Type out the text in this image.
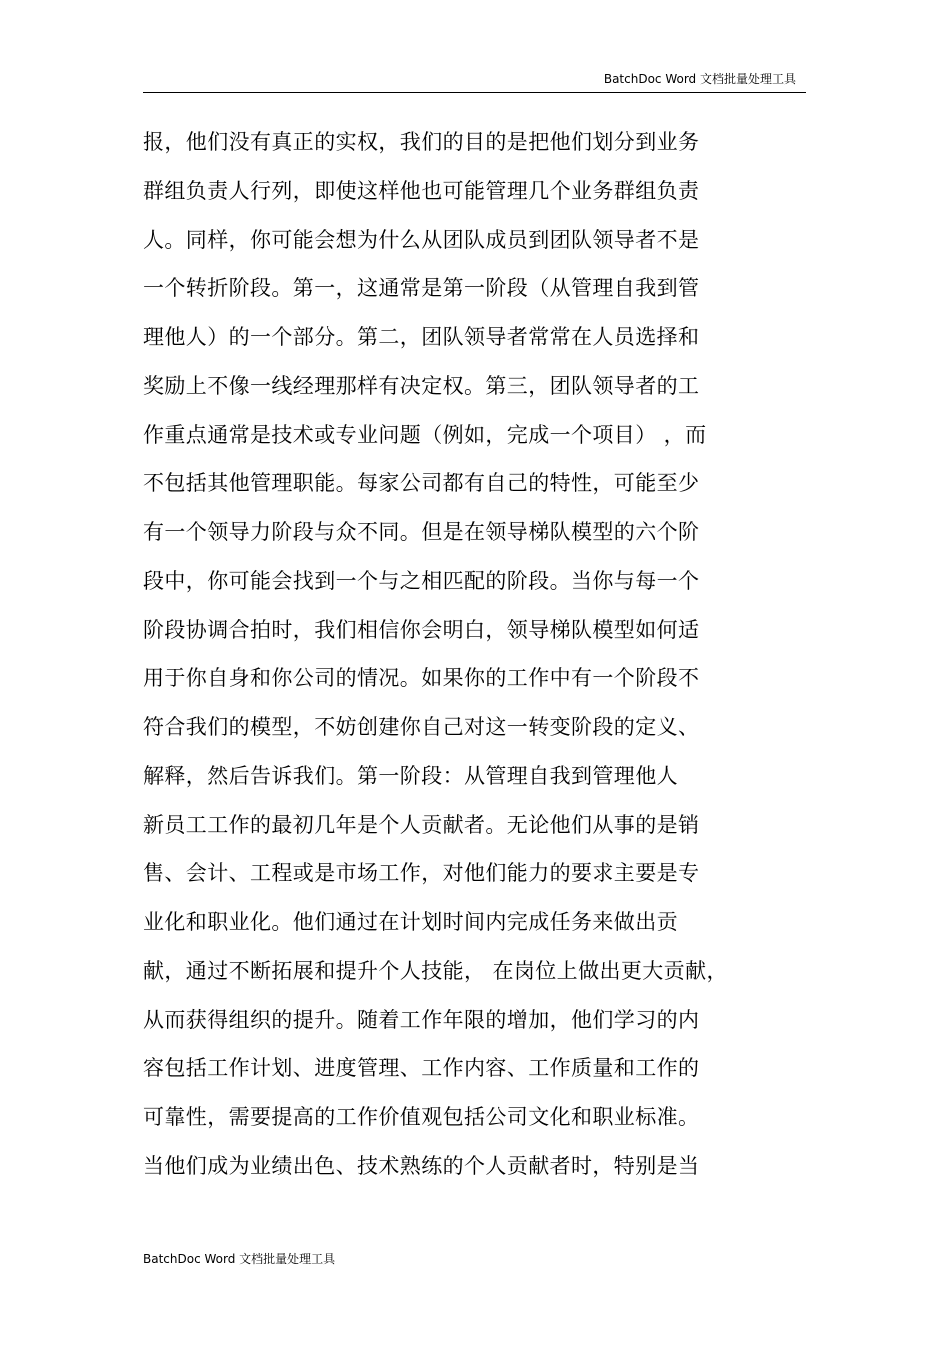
BatchDoc Word 文档批量处理工具
报，他们没有真正的实权，我们的目的是把他们划分到业务
群组负责人行列，即使这样他也可能管理几个业务群组负责
人。同样，你可能会想为什么从团队成员到团队领导者不是
一个转折阶段。第一，这通常是第一阶段（从管理自我到管
理他人）的一个部分。第二，团队领导者常常在人员选择和
奖励上不像一线经理那样有决定权。第三，团队领导者的工
作重点通常是技术或专业问题（例如，完成一个项目） ，而
不包括其他管理职能。每家公司都有自己的特性，可能至少
有一个领导力阶段与众不同。但是在领导梯队模型的六个阶
段中，你可能会找到一个与之相匹配的阶段。当你与每一个
阶段协调合拍时，我们相信你会明白，领导梯队模型如何适
用于你自身和你公司的情况。如果你的工作中有一个阶段不
符合我们的模型，不妨创建你自己对这一转变阶段的定义、
解释，然后告诉我们。第一阶段：从管理自我到管理他人
新员工工作的最初几年是个人贡献者。无论他们从事的是销
售、会计、工程或是市场工作，对他们能力的要求主要是专
业化和职业化。他们通过在计划时间内完成任务来做出贡
献，通过不断拓展和提升个人技能， 在岗位上做出更大贡献，
从而获得组织的提升。随着工作年限的增加，他们学习的内
容包括工作计划、进度管理、工作内容、工作质量和工作的
可靠性，需要提高的工作价值观包括公司文化和职业标准。
当他们成为业绩出色、技术熟练的个人贡献者时，特别是当
BatchDoc Word 文档批量处理工具
